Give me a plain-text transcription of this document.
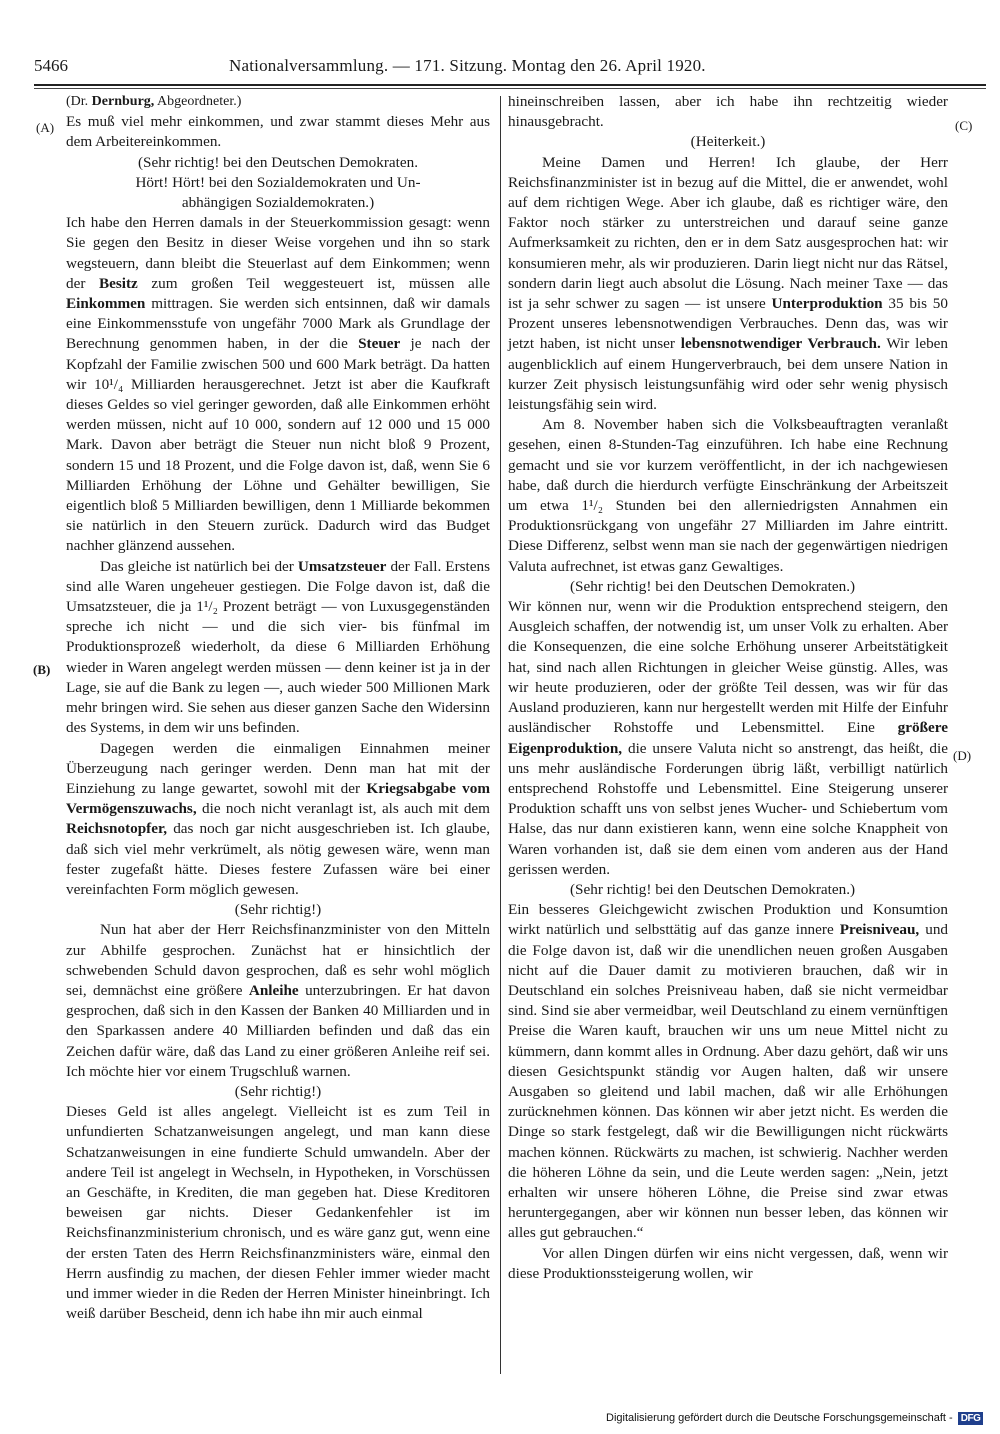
5466	Nationalversammlung. — 171. Sitzung. Montag den 26. April 1920.
(A)
(B)
(C)
(D)

(Dr. Dernburg, Abgeordneter.)

Es muß viel mehr einkommen, und zwar stammt dieses Mehr aus dem Arbeitereinkommen.

(Sehr richtig! bei den Deutschen Demokraten.

Hört! Hört! bei den Sozialdemokraten und Un-

abhängigen Sozialdemokraten.)

Ich habe den Herren damals in der Steuerkommission gesagt: wenn Sie gegen den Besitz in dieser Weise vorgehen und ihn so stark wegsteuern, dann bleibt die Steuerlast auf dem Einkommen; wenn der Besitz zum großen Teil weggesteuert ist, müssen alle Einkommen mittragen. Sie werden sich entsinnen, daß wir damals eine Einkommensstufe von ungefähr 7000 Mark als Grundlage der Berechnung genommen haben, in der die Steuer je nach der Kopfzahl der Familie zwischen 500 und 600 Mark beträgt. Da hatten wir 10¹/₄ Milliarden herausgerechnet. Jetzt ist aber die Kaufkraft dieses Geldes so viel geringer geworden, daß alle Einkommen erhöht werden müssen, nicht auf 10 000, sondern auf 12 000 und 15 000 Mark. Davon aber beträgt die Steuer nun nicht bloß 9 Prozent, sondern 15 und 18 Prozent, und die Folge davon ist, daß, wenn Sie 6 Milliarden Erhöhung der Löhne und Gehälter bewilligen, Sie eigentlich bloß 5 Milliarden bewilligen, denn 1 Milliarde bekommen sie natürlich in den Steuern zurück. Dadurch wird das Budget nachher glänzend aussehen.

Das gleiche ist natürlich bei der Umsatzsteuer der Fall. Erstens sind alle Waren ungeheuer gestiegen. Die Folge davon ist, daß die Umsatzsteuer, die ja 1¹/₂ Prozent beträgt — von Luxusgegenständen spreche ich nicht — und die sich vier- bis fünfmal im Produktionsprozeß wiederholt, da diese 6 Milliarden Erhöhung wieder in Waren angelegt werden müssen — denn keiner ist ja in der Lage, sie auf die Bank zu legen —, auch wieder 500 Millionen Mark mehr bringen wird. Sie sehen aus dieser ganzen Sache den Widersinn des Systems, in dem wir uns befinden.

Dagegen werden die einmaligen Einnahmen meiner Überzeugung nach geringer werden. Denn man hat mit der Einziehung zu lange gewartet, sowohl mit der Kriegsabgabe vom Vermögenszuwachs, die noch nicht veranlagt ist, als auch mit dem Reichsnotopfer, das noch gar nicht ausgeschrieben ist. Ich glaube, daß sich viel mehr verkrümelt, als nötig gewesen wäre, wenn man fester zugefaßt hätte. Dieses festere Zufassen wäre bei einer vereinfachten Form möglich gewesen.

(Sehr richtig!)

Nun hat aber der Herr Reichsfinanzminister von den Mitteln zur Abhilfe gesprochen. Zunächst hat er hinsichtlich der schwebenden Schuld davon gesprochen, daß es sehr wohl möglich sei, demnächst eine größere Anleihe unterzubringen. Er hat davon gesprochen, daß sich in den Kassen der Banken 40 Milliarden und in den Sparkassen andere 40 Milliarden befinden und daß das ein Zeichen dafür wäre, daß das Land zu einer größeren Anleihe reif sei. Ich möchte hier vor einem Trugschluß warnen.

(Sehr richtig!)

Dieses Geld ist alles angelegt. Vielleicht ist es zum Teil in unfundierten Schatzanweisungen angelegt, und man kann diese Schatzanweisungen in eine fundierte Schuld umwandeln. Aber der andere Teil ist angelegt in Wechseln, in Hypotheken, in Vorschüssen an Geschäfte, in Krediten, die man gegeben hat. Diese Kreditoren beweisen gar nichts. Dieser Gedankenfehler ist im Reichsfinanzministerium chronisch, und es wäre ganz gut, wenn eine der ersten Taten des Herrn Reichsfinanzministers wäre, einmal den Herrn ausfindig zu machen, der diesen Fehler immer wieder macht und immer wieder in die Reden der Herren Minister hineinbringt. Ich weiß darüber Bescheid, denn ich habe ihn mir auch einmal

hineinschreiben lassen, aber ich habe ihn rechtzeitig wieder hinausgebracht.

(Heiterkeit.)

Meine Damen und Herren! Ich glaube, der Herr Reichsfinanzminister ist in bezug auf die Mittel, die er anwendet, wohl auf dem richtigen Wege. Aber ich glaube, daß es richtiger wäre, den Faktor noch stärker zu unterstreichen und darauf seine ganze Aufmerksamkeit zu richten, den er in dem Satz ausgesprochen hat: wir konsumieren mehr, als wir produzieren. Darin liegt nicht nur das Rätsel, sondern darin liegt auch absolut die Lösung. Nach meiner Taxe — das ist ja sehr schwer zu sagen — ist unsere Unterproduktion 35 bis 50 Prozent unseres lebensnotwendigen Verbrauches. Denn das, was wir jetzt haben, ist nicht unser lebensnotwendiger Verbrauch. Wir leben augenblicklich auf einem Hungerverbrauch, bei dem unsere Nation in kurzer Zeit physisch leistungsunfähig wird oder sehr wenig physisch leistungsfähig sein wird.

Am 8. November haben sich die Volksbeauftragten veranlaßt gesehen, einen 8-Stunden-Tag einzuführen. Ich habe eine Rechnung gemacht und sie vor kurzem veröffentlicht, in der ich nachgewiesen habe, daß durch die hierdurch verfügte Einschränkung der Arbeitszeit um etwa 1¹/₂ Stunden bei den allerniedrigsten Annahmen ein Produktionsrückgang von ungefähr 27 Milliarden im Jahre eintritt. Diese Differenz, selbst wenn man sie nach der gegenwärtigen niedrigen Valuta aufrechnet, ist etwas ganz Gewaltiges.

(Sehr richtig! bei den Deutschen Demokraten.)

Wir können nur, wenn wir die Produktion entsprechend steigern, den Ausgleich schaffen, der notwendig ist, um unser Volk zu erhalten. Aber die Konsequenzen, die eine solche Erhöhung unserer Arbeitstätigkeit hat, sind nach allen Richtungen in gleicher Weise günstig. Alles, was wir heute produzieren, oder der größte Teil dessen, was wir für das Ausland produzieren, kann nur hergestellt werden mit Hilfe der Einfuhr ausländischer Rohstoffe und Lebensmittel. Eine größere Eigenproduktion, die unsere Valuta nicht so anstrengt, das heißt, die uns mehr ausländische Forderungen übrig läßt, verbilligt natürlich entsprechend Rohstoffe und Lebensmittel. Eine Steigerung unserer Produktion schafft uns von selbst jenes Wucher- und Schiebertum vom Halse, das nur dann existieren kann, wenn eine solche Knappheit von Waren vorhanden ist, daß sie dem einen vom anderen aus der Hand gerissen werden.

(Sehr richtig! bei den Deutschen Demokraten.)

Ein besseres Gleichgewicht zwischen Produktion und Konsumtion wirkt natürlich und selbsttätig auf das ganze innere Preisniveau, und die Folge davon ist, daß wir die unendlichen neuen großen Ausgaben nicht auf die Dauer damit zu motivieren brauchen, daß wir in Deutschland ein solches Preisniveau haben, daß sie nicht vermeidbar sind. Sind sie aber vermeidbar, weil Deutschland zu einem vernünftigen Preise die Waren kauft, brauchen wir uns um neue Mittel nicht zu kümmern, dann kommt alles in Ordnung. Aber dazu gehört, daß wir uns diesen Gesichtspunkt ständig vor Augen halten, daß wir unsere Ausgaben so gleitend und labil machen, daß wir alle Erhöhungen zurücknehmen können. Das können wir aber jetzt nicht. Es werden die Dinge so stark festgelegt, daß wir die Bewilligungen nicht rückwärts machen können. Rückwärts zu machen, ist schwierig. Nachher werden die höheren Löhne da sein, und die Leute werden sagen: „Nein, jetzt erhalten wir unsere höheren Löhne, die Preise sind zwar etwas heruntergegangen, aber wir können nun besser leben, das können wir alles gut gebrauchen.“

Vor allen Dingen dürfen wir eins nicht vergessen, daß, wenn wir diese Produktionssteigerung wollen, wir

Digitalisierung gefördert durch die Deutsche Forschungsgemeinschaft - DFG
